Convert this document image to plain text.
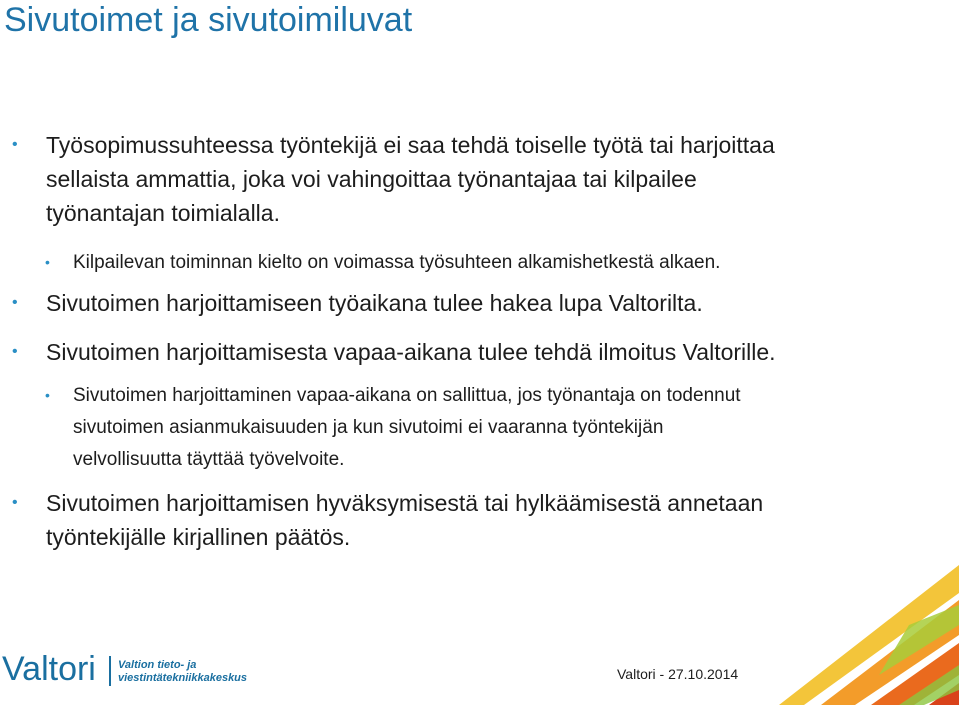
Sivutoimet ja sivutoimiluvat
• Työsopimussuhteessa työntekijä ei saa tehdä toiselle työtä tai harjoittaa
sellaista ammattia, joka voi vahingoittaa työnantajaa tai kilpailee
työnantajan toimialalla.
• Kilpailevan toiminnan kielto on voimassa työsuhteen alkamishetkestä alkaen.
• Sivutoimen harjoittamiseen työaikana tulee hakea lupa Valtorilta.
• Sivutoimen harjoittamisesta vapaa-aikana tulee tehdä ilmoitus Valtorille.
• Sivutoimen harjoittaminen vapaa-aikana on sallittua, jos työnantaja on todennut
sivutoimen asianmukaisuuden ja kun sivutoimi ei vaaranna työntekijän
velvollisuutta täyttää työvelvoite.
• Sivutoimen harjoittamisen hyväksymisestä tai hylkäämisestä annetaan
työntekijälle kirjallinen päätös.
Valtori Valtion tieto- ja
viestintätekniikkakeskus	Valtori - 27.10.2014
